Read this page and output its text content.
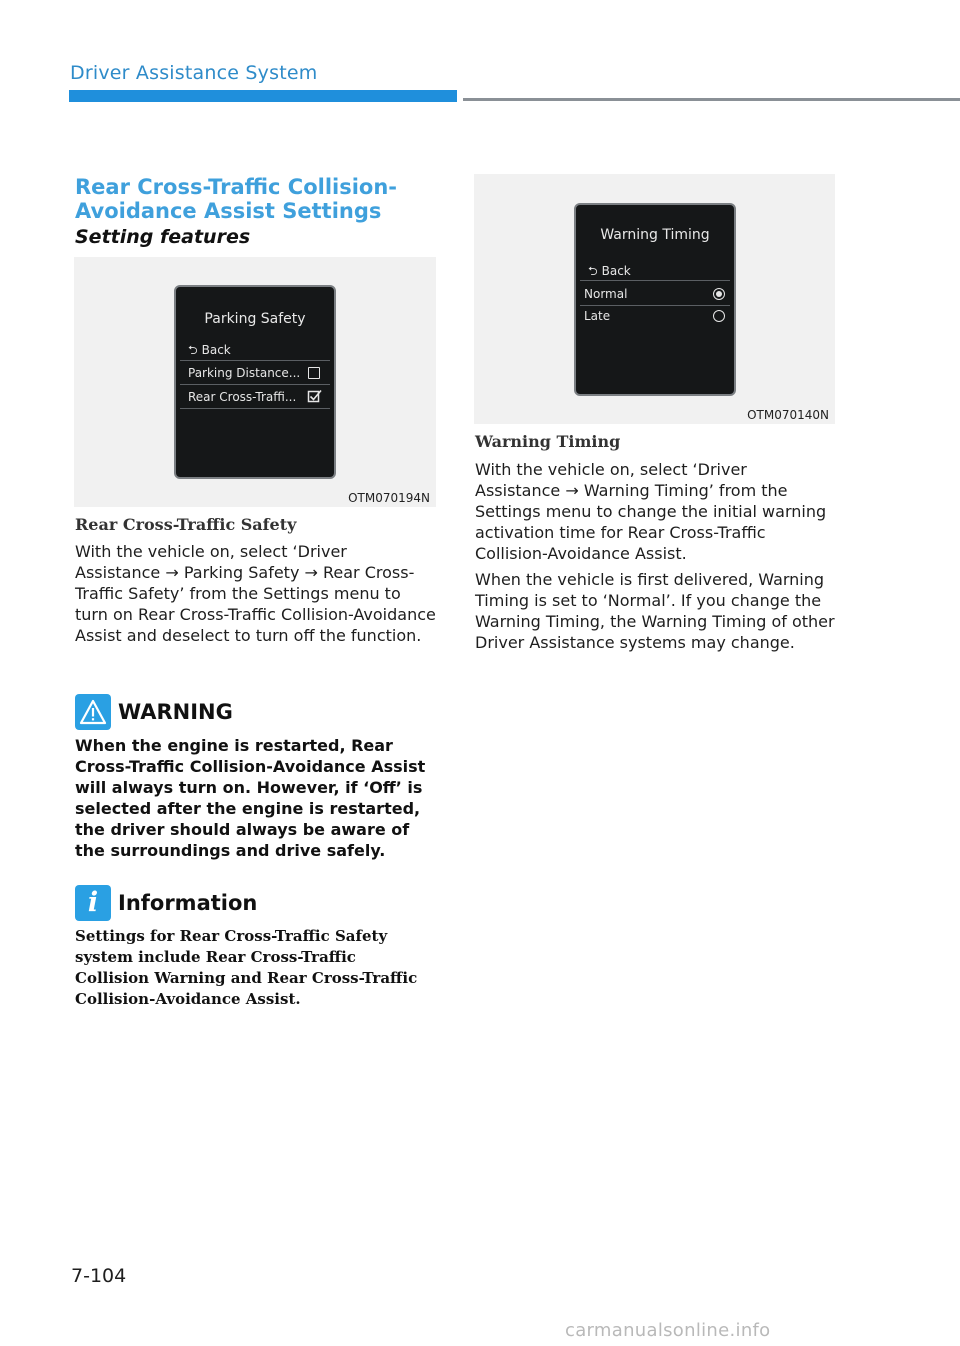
Driver Assistance System
Rear Cross-Traffic Collision-Avoidance Assist Settings
Setting features
Parking Safety
⮌ Back
Parking Distance...
Rear Cross-Traffi...
OTM070194N
Rear Cross-Traffic Safety
With the vehicle on, select ‘Driver Assistance → Parking Safety → Rear Cross-Traffic Safety’ from the Settings menu to turn on Rear Cross-Traffic Collision-Avoidance Assist and deselect to turn off the function.
WARNING
When the engine is restarted, Rear Cross-Traffic Collision-Avoidance Assist will always turn on. However, if ‘Off’ is selected after the engine is restarted, the driver should always be aware of the surroundings and drive safely.
i Information
Settings for Rear Cross-Traffic Safety system include Rear Cross-Traffic Collision Warning and Rear Cross-Traffic Collision-Avoidance Assist.
Warning Timing
⮌ Back
Normal
Late
OTM070140N
Warning Timing
With the vehicle on, select ‘Driver Assistance → Warning Timing’ from the Settings menu to change the initial warning activation time for Rear Cross-Traffic Collision-Avoidance Assist.
When the vehicle is first delivered, Warning Timing is set to ‘Normal’. If you change the Warning Timing, the Warning Timing of other Driver Assistance systems may change.
7-104
carmanualsonline.info
